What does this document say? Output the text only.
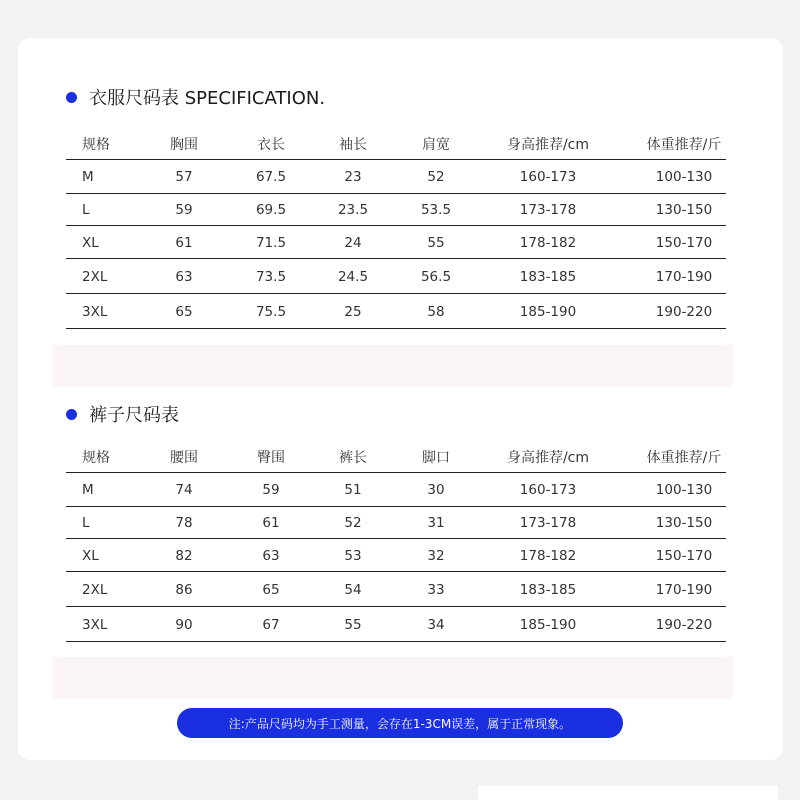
衣服尺码表 SPECIFICATION.
规格	胸围	衣长	袖长	肩宽	身高推荐/cm	体重推荐/斤
M	57	67.5	23	52	160-173	100-130
L	59	69.5	23.5	53.5	173-178	130-150
XL	61	71.5	24	55	178-182	150-170
2XL	63	73.5	24.5	56.5	183-185	170-190
3XL	65	75.5	25	58	185-190	190-220
裤子尺码表
规格	腰围	臀围	裤长	脚口	身高推荐/cm	体重推荐/斤
M	74	59	51	30	160-173	100-130
L	78	61	52	31	173-178	130-150
XL	82	63	53	32	178-182	150-170
2XL	86	65	54	33	183-185	170-190
3XL	90	67	55	34	185-190	190-220
注:产品尺码均为手工测量，会存在1-3CM误差，属于正常现象。
